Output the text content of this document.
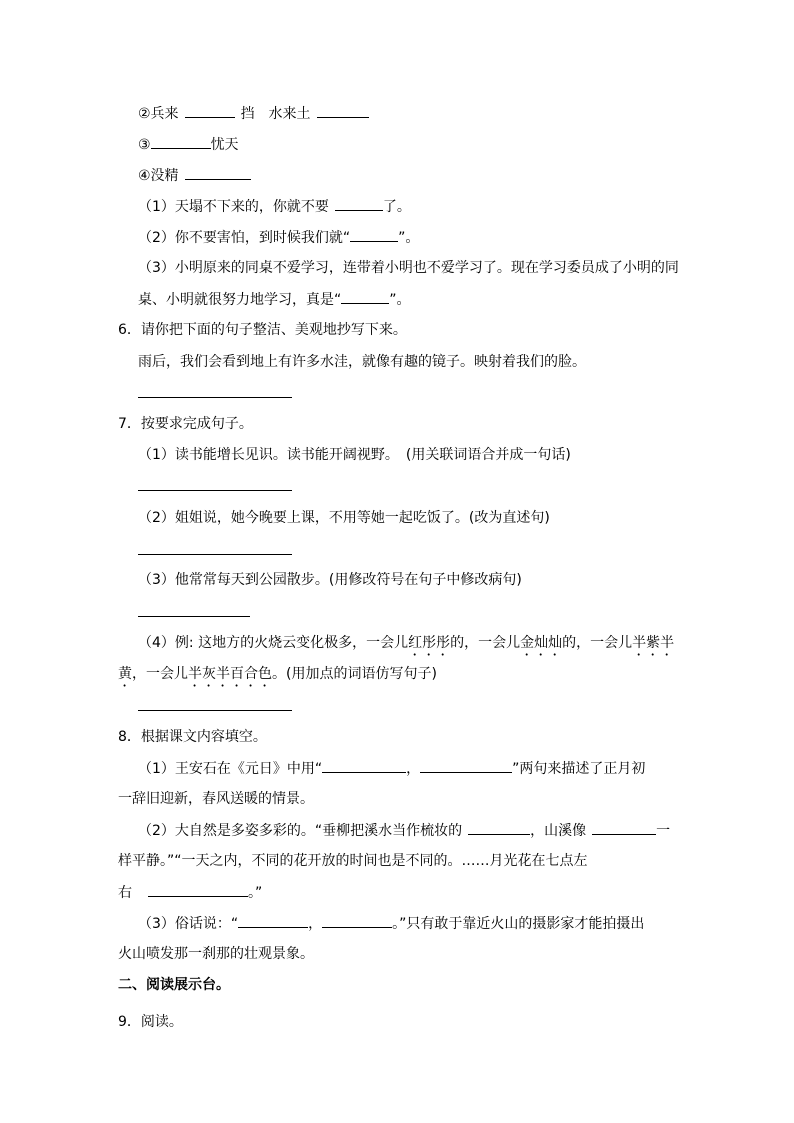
②兵来	挡　水来土
③	忧天
④没精
（1）天塌不下来的，你就不要	了。
（2）你不要害怕，到时候我们就“	”。
（3）小明原来的同桌不爱学习，连带着小明也不爱学习了。现在学习委员成了小明的同
桌、小明就很努力地学习，真是“	”。
6．请你把下面的句子整洁、美观地抄写下来。
雨后，我们会看到地上有许多水洼，就像有趣的镜子。映射着我们的脸。
7．按要求完成句子。
（1）读书能增长见识。读书能开阔视野。　(用关联词语合并成一句话)
（2）姐姐说，她今晚要上课，不用等她一起吃饭了。(改为直述句)
（3）他常常每天到公园散步。(用修改符号在句子中修改病句)
（4）例: 这地方的火烧云变化极多，一会儿红彤彤的，一会儿金灿灿的，一会儿半紫半
黄，一会儿半灰半百合色。(用加点的词语仿写句子)
8．根据课文内容填空。
（1）王安石在《元日》中用“	，	”两句来描述了正月初
一辞旧迎新，春风送暖的情景。
（2）大自然是多姿多彩的。“垂柳把溪水当作梳妆的	，山溪像	一
样平静。”“一天之内，不同的花开放的时间也是不同的。……月光花在七点左
右	。”
（3）俗话说：“	，	。”只有敢于靠近火山的摄影家才能拍摄出
火山喷发那一刹那的壮观景象。
二、阅读展示台。
9．阅读。
